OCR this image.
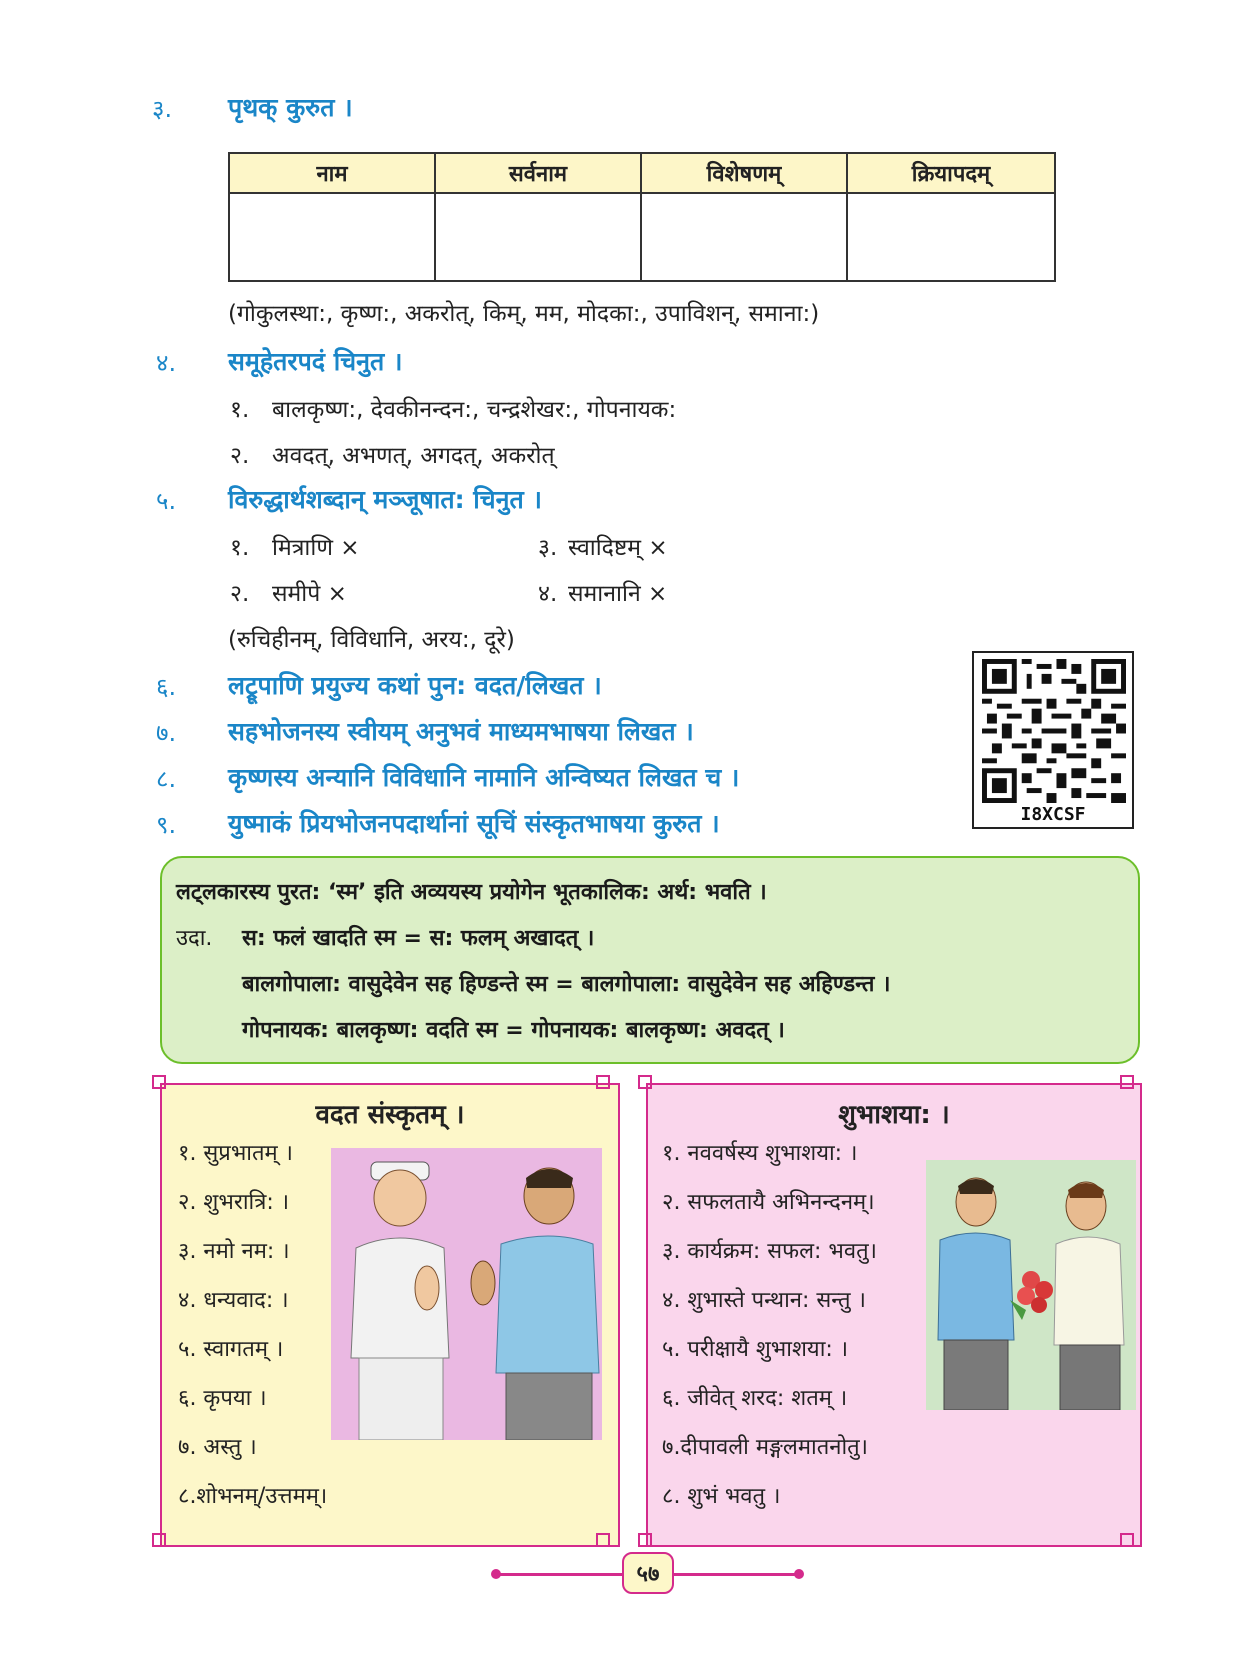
३. पृथक् कुरुत ।
नाम	सर्वनाम	विशेषणम्	क्रियापदम्
(गोकुलस्था:, कृष्ण:, अकरोत्, किम्, मम, मोदका:, उपाविशन्, समाना:)
४. समूहेतरपदं चिनुत ।
१. बालकृष्ण:, देवकीनन्दन:, चन्द्रशेखर:, गोपनायक:
२. अवदत्, अभणत्, अगदत्, अकरोत्
५. विरुद्धार्थशब्दान् मञ्जूषात: चिनुत ।
१. मित्राणि ×	३. स्वादिष्टम् ×
२. समीपे ×	४. समानानि ×
(रुचिहीनम्, विविधानि, अरय:, दूरे)
६. लट्रूपाणि प्रयुज्य कथां पुन: वदत/लिखत ।
७. सहभोजनस्य स्वीयम् अनुभवं माध्यमभाषया लिखत ।
८. कृष्णस्य अन्यानि विविधानि नामानि अन्विष्यत लिखत च ।
९. युष्माकं प्रियभोजनपदार्थानां सूचिं संस्कृतभाषया कुरुत ।	I8XCSF
लट्लकारस्य पुरत: ‘स्म’ इति अव्ययस्य प्रयोगेन भूतकालिक: अर्थ: भवति ।
उदा. स: फलं खादति स्म = स: फलम् अखादत् ।
बालगोपाला: वासुदेवेन सह हिण्डन्ते स्म = बालगोपाला: वासुदेवेन सह अहिण्डन्त ।
गोपनायक: बालकृष्ण: वदति स्म = गोपनायक: बालकृष्ण: अवदत् ।
वदत संस्कृतम् ।
१. सुप्रभातम् ।
२. शुभरात्रि: ।
३. नमो नम: ।
४. धन्यवाद: ।
५. स्वागतम् ।
६. कृपया ।
७. अस्तु ।
८.शोभनम्/उत्तमम्।
शुभाशया: ।
१. नववर्षस्य शुभाशया: ।
२. सफलतायै अभिनन्दनम्।
३. कार्यक्रम: सफल: भवतु।
४. शुभास्ते पन्थान: सन्तु ।
५. परीक्षायै शुभाशया: ।
६. जीवेत् शरद: शतम् ।
७.दीपावली मङ्गलमातनोतु।
८. शुभं भवतु ।
५७
